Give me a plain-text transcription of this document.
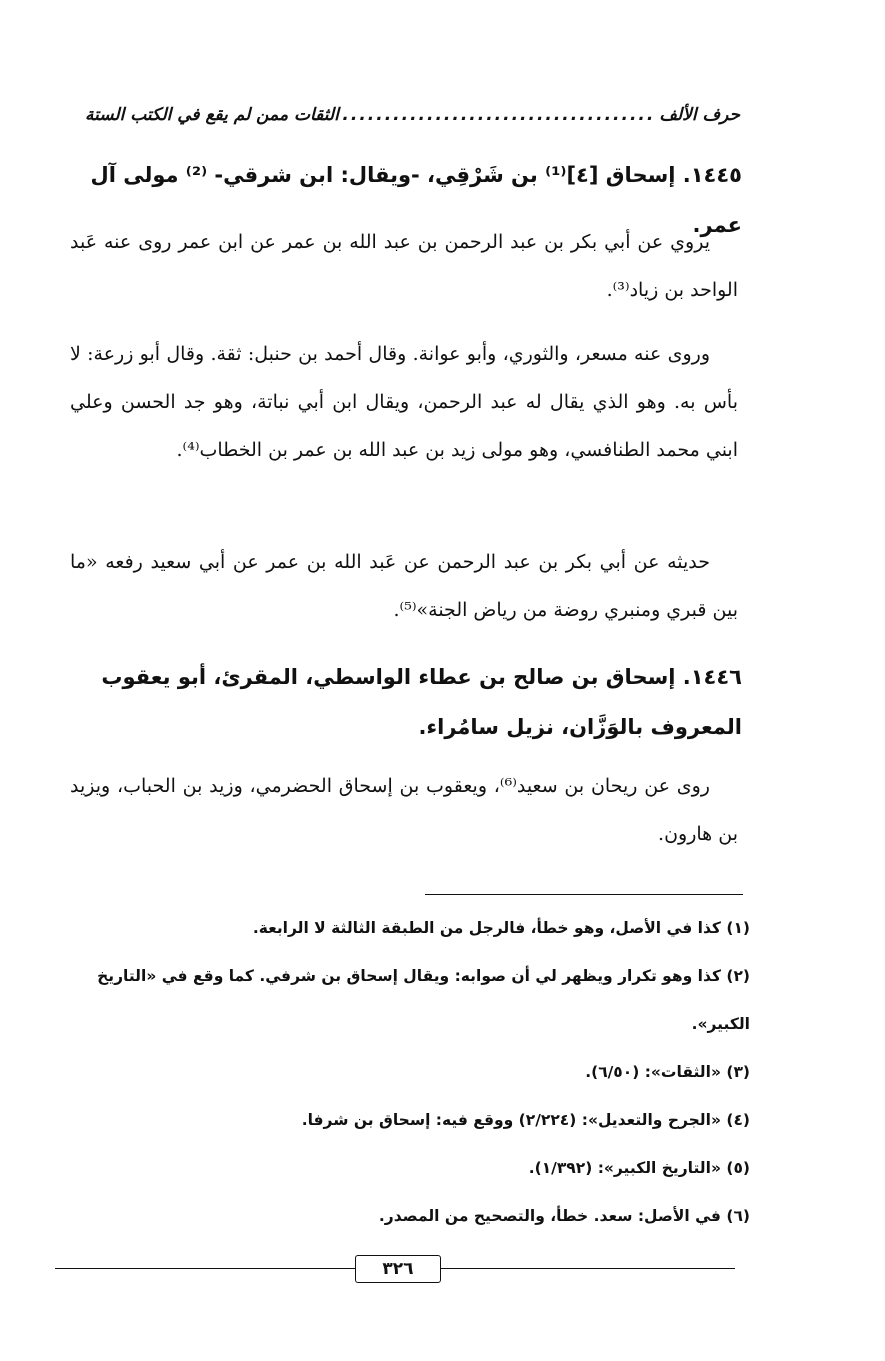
حرف الألف
.....
الثقات ممن لم يقع في الكتب الستة
١٤٤٥. إسحاق [٤]⁽¹⁾ بن شَرْقِي، -ويقال: ابن شرقي- ⁽²⁾ مولى آل عمر.
يروي عن أبي بكر بن عبد الرحمن بن عبد الله بن عمر عن ابن عمر روى عنه عَبد الواحد بن زياد⁽³⁾.
وروى عنه مسعر، والثوري، وأبو عوانة. وقال أحمد بن حنبل: ثقة. وقال أبو زرعة: لا بأس به. وهو الذي يقال له عبد الرحمن، ويقال ابن أبي نباتة، وهو جد الحسن وعلي ابني محمد الطنافسي، وهو مولى زيد بن عبد الله بن عمر بن الخطاب⁽⁴⁾.
حديثه عن أبي بكر بن عبد الرحمن عن عَبد الله بن عمر عن أبي سعيد رفعه «ما بين قبري ومنبري روضة من رياض الجنة»⁽⁵⁾.
١٤٤٦. إسحاق بن صالح بن عطاء الواسطي، المقرئ، أبو يعقوب المعروف بالوَزَّان، نزيل سامُراء.
روى عن ريحان بن سعيد⁽⁶⁾، ويعقوب بن إسحاق الحضرمي، وزيد بن الحباب، ويزيد بن هارون.

(١) كذا في الأصل، وهو خطأ، فالرجل من الطبقة الثالثة لا الرابعة.

(٢) كذا وهو تكرار ويظهر لي أن صوابه: ويقال إسحاق بن شرفي. كما وقع في «التاريخ الكبير».

(٣) «الثقات»: (٦/٥٠).

(٤) «الجرح والتعديل»: (٢/٢٢٤) ووقع فيه: إسحاق بن شرفا.

(٥) «التاريخ الكبير»: (١/٣٩٢).

(٦) في الأصل: سعد. خطأ، والتصحيح من المصدر.

٣٢٦
